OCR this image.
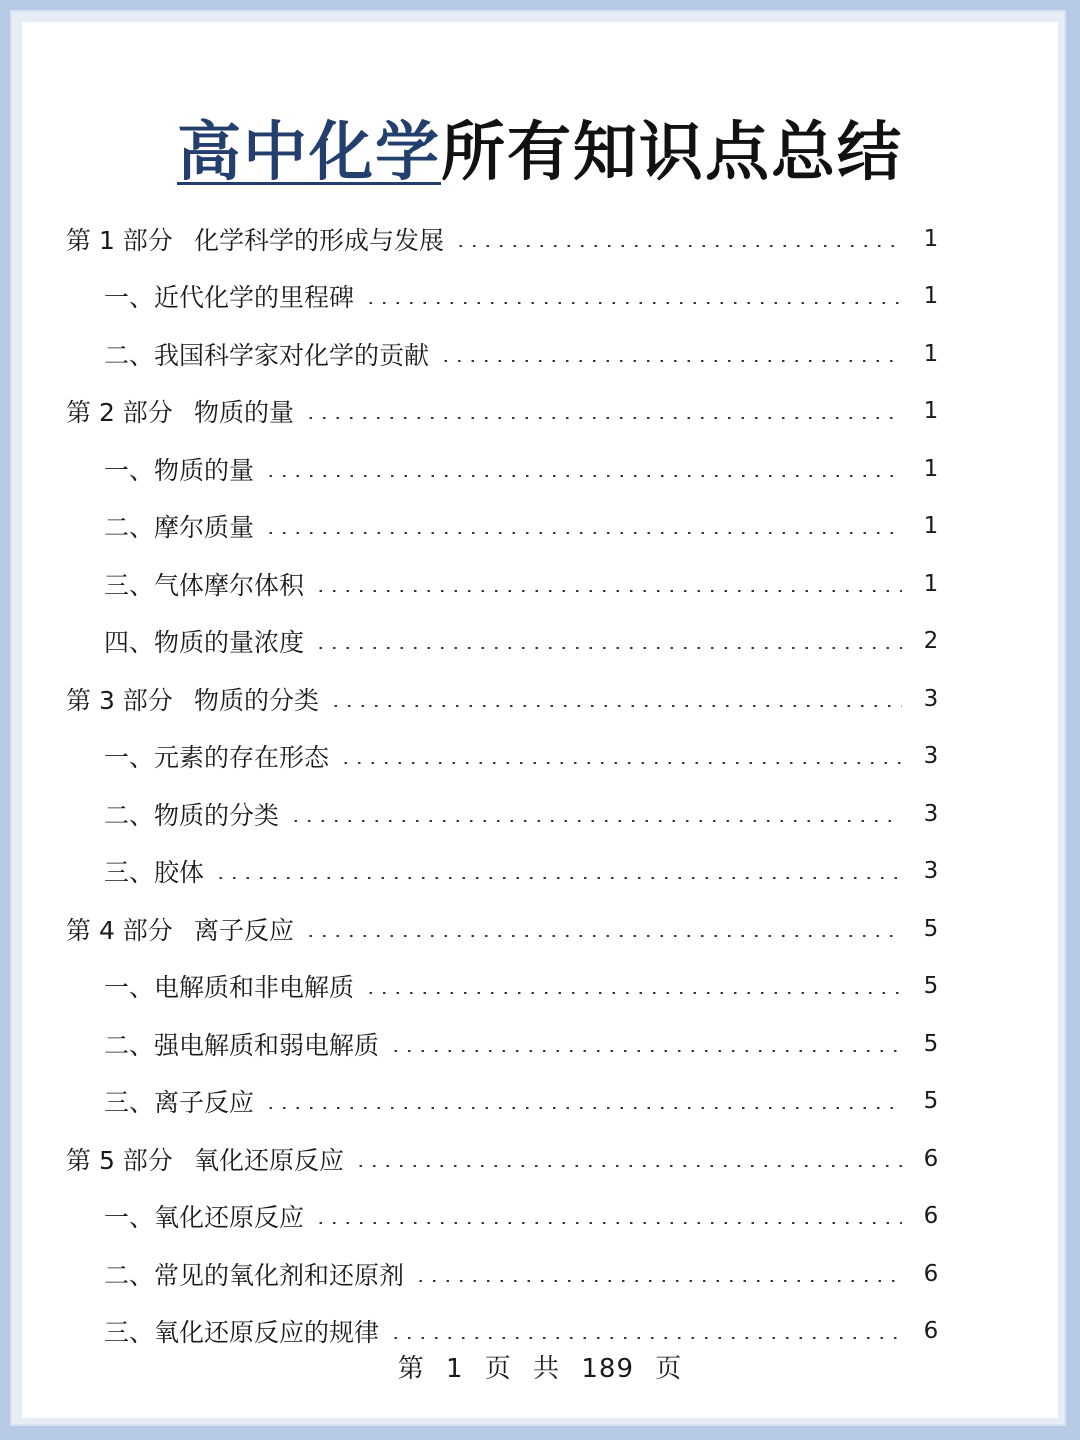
高中化学所有知识点总结
第 1 部分 化学科学的形成与发展	1
一、近代化学的里程碑	1
二、我国科学家对化学的贡献	1
第 2 部分 物质的量	1
一、物质的量	1
二、摩尔质量	1
三、气体摩尔体积	1
四、物质的量浓度	2
第 3 部分 物质的分类	3
一、元素的存在形态	3
二、物质的分类	3
三、胶体	3
第 4 部分 离子反应	5
一、电解质和非电解质	5
二、强电解质和弱电解质	5
三、离子反应	5
第 5 部分 氧化还原反应	6
一、氧化还原反应	6
二、常见的氧化剂和还原剂	6
三、氧化还原反应的规律	6
第 1 页 共 189 页
